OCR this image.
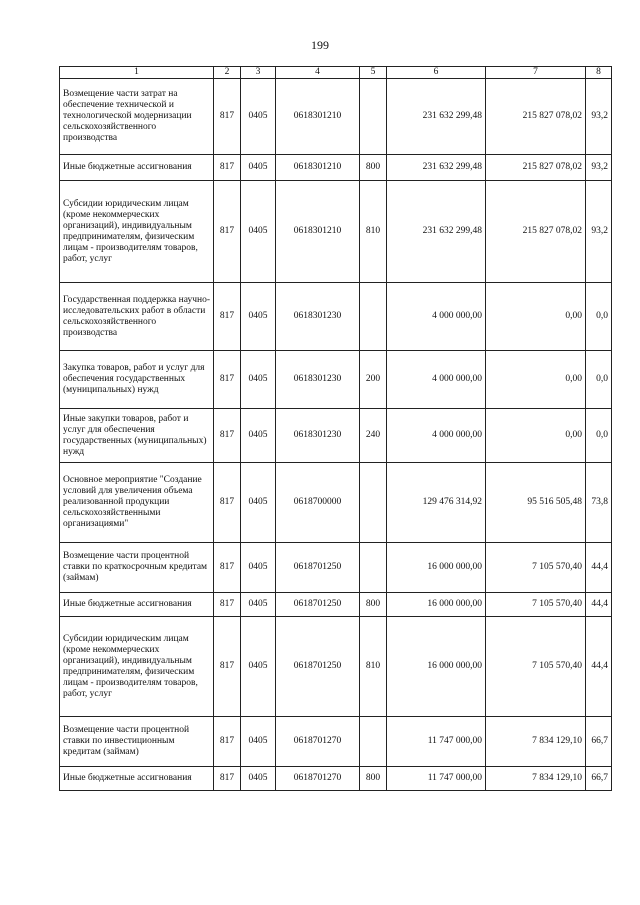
199
1	2	3	4	5	6	7	8
Возмещение части затрат на обеспечение технической и технологической модернизации сельскохозяйственного производства	817	0405	0618301210		231 632 299,48	215 827 078,02	93,2
Иные бюджетные ассигнования	817	0405	0618301210	800	231 632 299,48	215 827 078,02	93,2
Субсидии юридическим лицам (кроме некоммерческих организаций), индивидуальным предпринимателям, физическим лицам - производителям товаров, работ, услуг	817	0405	0618301210	810	231 632 299,48	215 827 078,02	93,2
Государственная поддержка научно-исследовательских работ в области сельскохозяйственного производства	817	0405	0618301230		4 000 000,00	0,00	0,0
Закупка товаров, работ и услуг для обеспечения государственных (муниципальных) нужд	817	0405	0618301230	200	4 000 000,00	0,00	0,0
Иные закупки товаров, работ и услуг для обеспечения государственных (муниципальных) нужд	817	0405	0618301230	240	4 000 000,00	0,00	0,0
Основное мероприятие "Создание условий для увеличения объема реализованной продукции сельскохозяйственными организациями"	817	0405	0618700000		129 476 314,92	95 516 505,48	73,8
Возмещение части процентной ставки по краткосрочным кредитам (займам)	817	0405	0618701250		16 000 000,00	7 105 570,40	44,4
Иные бюджетные ассигнования	817	0405	0618701250	800	16 000 000,00	7 105 570,40	44,4
Субсидии юридическим лицам (кроме некоммерческих организаций), индивидуальным предпринимателям, физическим лицам - производителям товаров, работ, услуг	817	0405	0618701250	810	16 000 000,00	7 105 570,40	44,4
Возмещение части процентной ставки по инвестиционным кредитам (займам)	817	0405	0618701270		11 747 000,00	7 834 129,10	66,7
Иные бюджетные ассигнования	817	0405	0618701270	800	11 747 000,00	7 834 129,10	66,7
